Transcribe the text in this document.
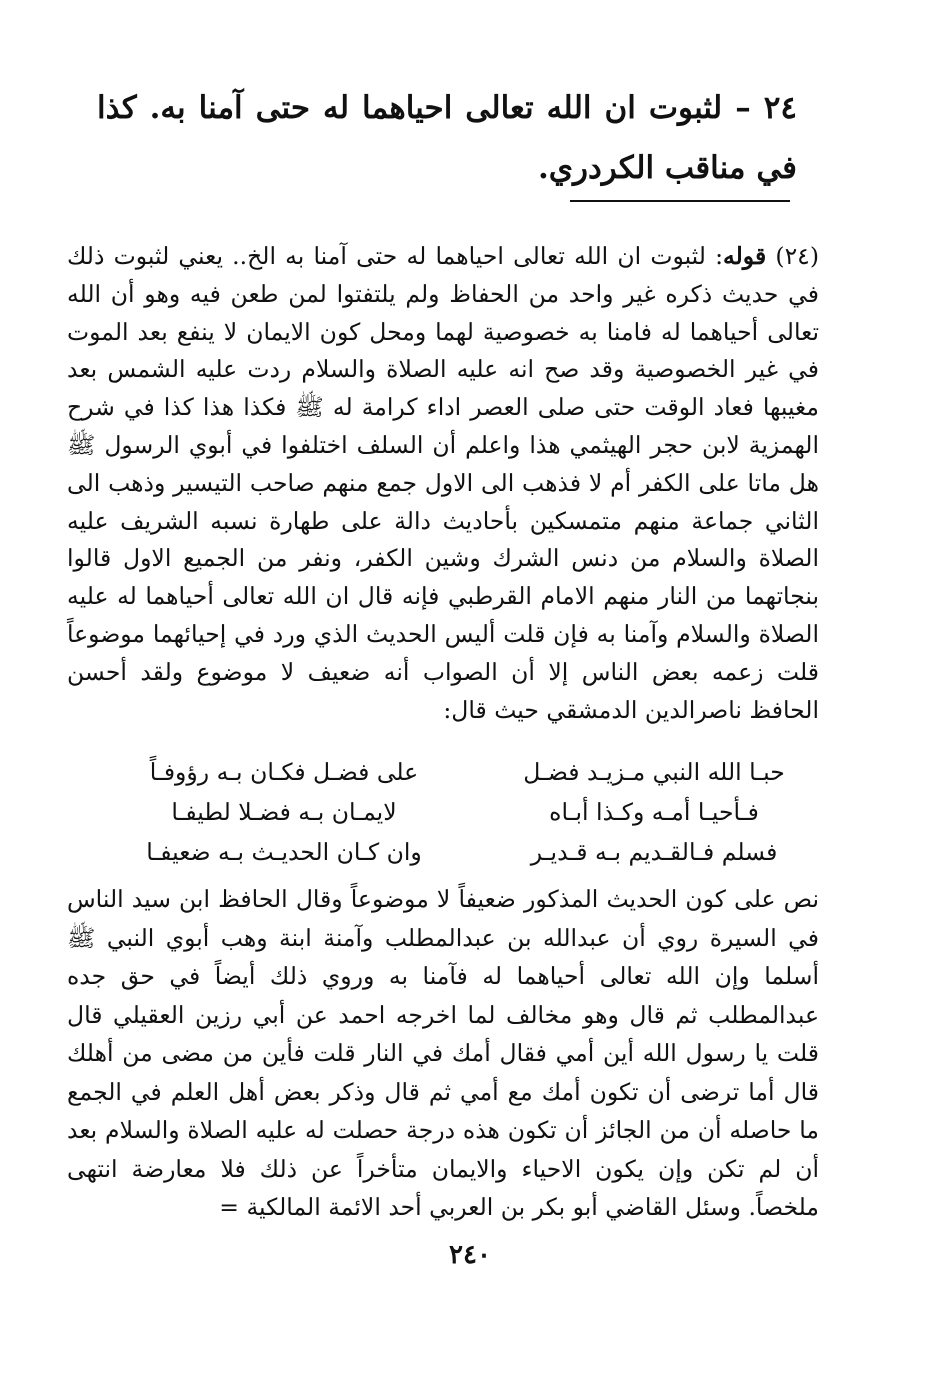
٢٤ – لثبوت ان الله تعالى احياهما له حتى آمنا به. كذا في مناقب الكردري.

(٢٤) قوله: لثبوت ان الله تعالى احياهما له حتى آمنا به الخ.. يعني لثبوت ذلك في حديث ذكره غير واحد من الحفاظ ولم يلتفتوا لمن طعن فيه وهو أن الله تعالى أحياهما له فامنا به خصوصية لهما ومحل كون الايمان لا ينفع بعد الموت في غير الخصوصية وقد صح انه عليه الصلاة والسلام ردت عليه الشمس بعد مغيبها فعاد الوقت حتى صلى العصر اداء كرامة له ﷺ فكذا هذا كذا في شرح الهمزية لابن حجر الهيثمي هذا واعلم أن السلف اختلفوا في أبوي الرسول ﷺ هل ماتا على الكفر أم لا فذهب الى الاول جمع منهم صاحب التيسير وذهب الى الثاني جماعة منهم متمسكين بأحاديث دالة على طهارة نسبه الشريف عليه الصلاة والسلام من دنس الشرك وشين الكفر، ونفر من الجميع الاول قالوا بنجاتهما من النار منهم الامام القرطبي فإنه قال ان الله تعالى أحياهما له عليه الصلاة والسلام وآمنا به فإن قلت أليس الحديث الذي ورد في إحيائهما موضوعاً قلت زعمه بعض الناس إلا أن الصواب أنه ضعيف لا موضوع ولقد أحسن الحافظ ناصرالدين الدمشقي حيث قال:

حبـا الله النبي مـزيـد فضـل
على فضـل فكـان بـه رؤوفـاً
فـأحيـا أمـه وكـذا أبـاه
لايمـان بـه فضـلا لطيفـا
فسلم فـالقـديم بـه قـديـر
وان كـان الحديـث بـه ضعيفـا

نص على كون الحديث المذكور ضعيفاً لا موضوعاً وقال الحافظ ابن سيد الناس في السيرة روي أن عبدالله بن عبدالمطلب وآمنة ابنة وهب أبوي النبي ﷺ أسلما وإن الله تعالى أحياهما له فآمنا به وروي ذلك أيضاً في حق جده عبدالمطلب ثم قال وهو مخالف لما اخرجه احمد عن أبي رزين العقيلي قال قلت يا رسول الله أين أمي فقال أمك في النار قلت فأين من مضى من أهلك قال أما ترضى أن تكون أمك مع أمي ثم قال وذكر بعض أهل العلم في الجمع ما حاصله أن من الجائز أن تكون هذه درجة حصلت له عليه الصلاة والسلام بعد أن لم تكن وإن يكون الاحياء والايمان متأخراً عن ذلك فلا معارضة انتهى ملخصاً. وسئل القاضي أبو بكر بن العربي أحد الائمة المالكية =

٢٤٠
